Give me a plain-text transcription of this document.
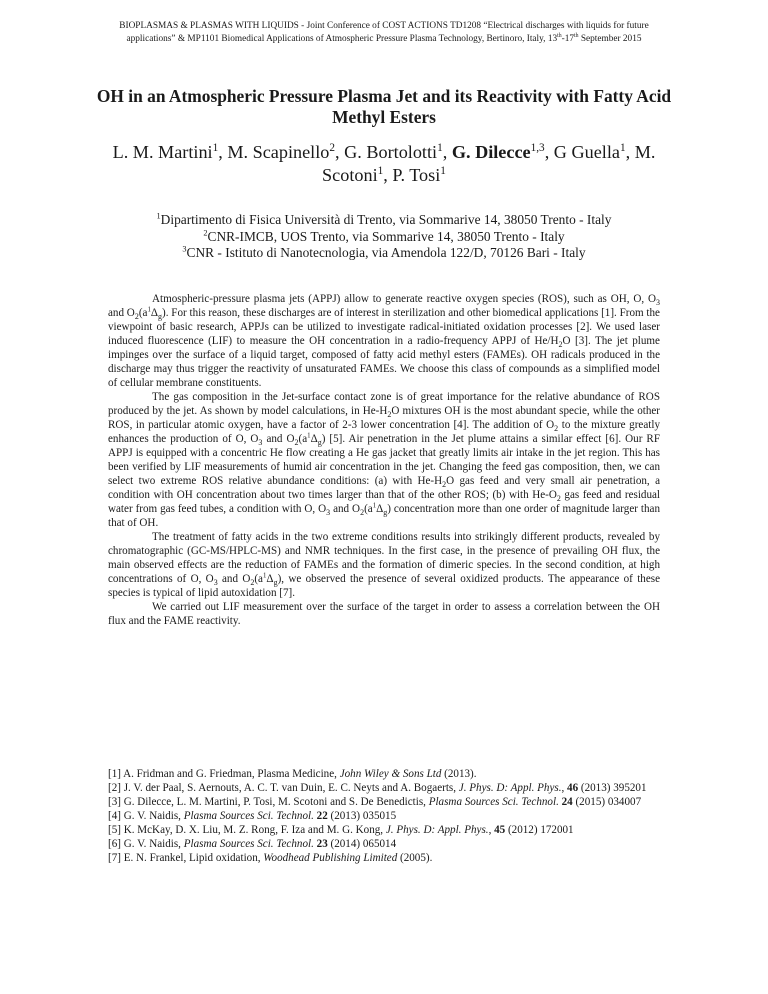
BIOPLASMAS & PLASMAS WITH LIQUIDS - Joint Conference of COST ACTIONS TD1208 “Electrical discharges with liquids for future
applications” & MP1101 Biomedical Applications of Atmospheric Pressure Plasma Technology, Bertinoro, Italy, 13th-17th September 2015
OH in an Atmospheric Pressure Plasma Jet and its Reactivity with Fatty Acid Methyl Esters
L. M. Martini$^1$, M. Scapinello$^2$, G. Bortolotti$^1$, G. Dilecce$^{1,3}$, G Guella$^1$, M. Scotoni$^1$, P. Tosi$^1$
$^1$Dipartimento di Fisica Università di Trento, via Sommarive 14, 38050 Trento - Italy
$^2$CNR-IMCB, UOS Trento, via Sommarive 14, 38050 Trento - Italy
$^3$CNR - Istituto di Nanotecnologia, via Amendola 122/D, 70126 Bari - Italy

Atmospheric-pressure plasma jets (APPJ) allow to generate reactive oxygen species (ROS), such as OH, O, $O_3$ and $O_2(a^1\Delta_g)$. For this reason, these discharges are of interest in sterilization and other biomedical applications [1]. From the viewpoint of basic research, APPJs can be utilized to investigate radical-initiated oxidation processes [2]. We used laser induced fluorescence (LIF) to measure the OH concentration in a radio-frequency APPJ of $He/H_2O$ [3]. The jet plume impinges over the surface of a liquid target, composed of fatty acid methyl esters (FAMEs). OH radicals produced in the discharge may thus trigger the reactivity of unsaturated FAMEs. We choose this class of compounds as a simplified model of cellular membrane constituents.

The gas composition in the Jet-surface contact zone is of great importance for the relative abundance of ROS produced by the jet. As shown by model calculations, in $He-H_2O$ mixtures OH is the most abundant specie, while the other ROS, in particular atomic oxygen, have a factor of 2-3 lower concentration [4]. The addition of $O_2$ to the mixture greatly enhances the production of O, $O_3$ and $O_2(a^1\Delta_g)$ [5]. Air penetration in the Jet plume attains a similar effect [6]. Our RF APPJ is equipped with a concentric He flow creating a He gas jacket that greatly limits air intake in the jet region. This has been verified by LIF measurements of humid air concentration in the jet. Changing the feed gas composition, then, we can select two extreme ROS relative abundance conditions: (a) with $He-H_2O$ gas feed and very small air penetration, a condition with OH concentration about two times larger than that of the other ROS; (b) with $He-O_2$ gas feed and residual water from gas feed tubes, a condition with O, $O_3$ and $O_2(a^1\Delta_g)$ concentration more than one order of magnitude larger than that of OH.

The treatment of fatty acids in the two extreme conditions results into strikingly different products, revealed by chromatographic (GC-MS/HPLC-MS) and NMR techniques. In the first case, in the presence of prevailing OH flux, the main observed effects are the reduction of FAMEs and the formation of dimeric species. In the second condition, at high concentrations of O, $O_3$ and $O_2(a^1\Delta_g)$, we observed the presence of several oxidized products. The appearance of these species is typical of lipid autoxidation [7].

We carried out LIF measurement over the surface of the target in order to assess a correlation between the OH flux and the FAME reactivity.

[1] A. Fridman and G. Friedman, Plasma Medicine, John Wiley & Sons Ltd (2013).

[2] J. V. der Paal, S. Aernouts, A. C. T. van Duin, E. C. Neyts and A. Bogaerts, J. Phys. D: Appl. Phys., 46 (2013) 395201

[3] G. Dilecce, L. M. Martini, P. Tosi, M. Scotoni and S. De Benedictis, Plasma Sources Sci. Technol. 24 (2015) 034007

[4] G. V. Naidis, Plasma Sources Sci. Technol. 22 (2013) 035015

[5] K. McKay, D. X. Liu, M. Z. Rong, F. Iza and M. G. Kong, J. Phys. D: Appl. Phys., 45 (2012) 172001

[6] G. V. Naidis, Plasma Sources Sci. Technol. 23 (2014) 065014

[7] E. N. Frankel, Lipid oxidation, Woodhead Publishing Limited (2005).
